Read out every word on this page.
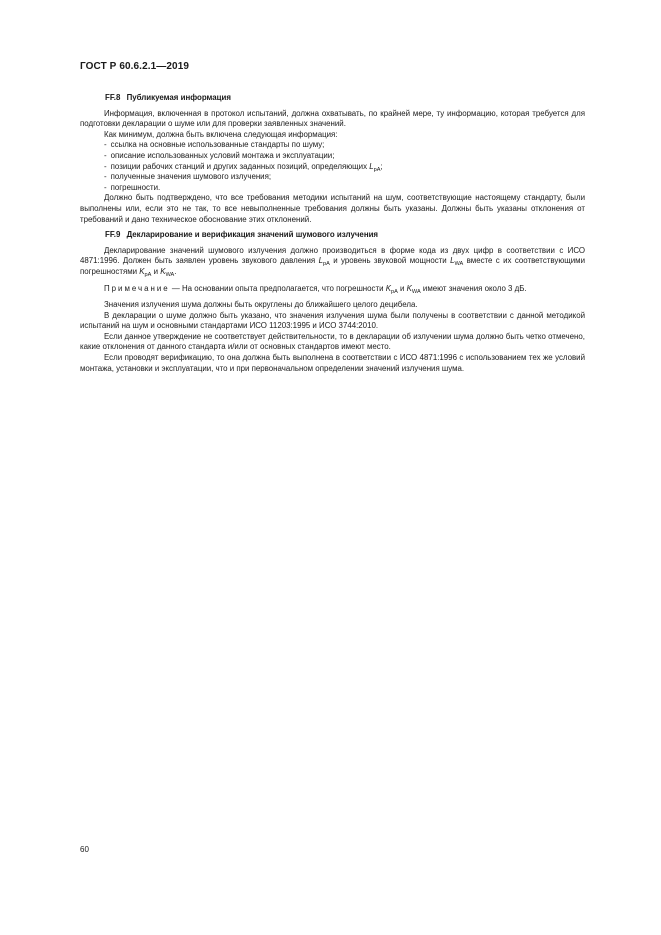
ГОСТ Р 60.6.2.1—2019
FF.8 Публикуемая информация

Информация, включенная в протокол испытаний, должна охватывать, по крайней мере, ту информацию, которая требуется для подготовки декларации о шуме или для проверки заявленных значений.

Как минимум, должна быть включена следующая информация:

- ссылка на основные использованные стандарты по шуму;
- описание использованных условий монтажа и эксплуатации;
- позиции рабочих станций и других заданных позиций, определяющих $L_{pA}$;
- полученные значения шумового излучения;
- погрешности.

Должно быть подтверждено, что все требования методики испытаний на шум, соответствующие настоящему стандарту, были выполнены или, если это не так, то все невыполненные требования должны быть указаны. Должны быть указаны отклонения от требований и дано техническое обоснование этих отклонений.

FF.9 Декларирование и верификация значений шумового излучения

Декларирование значений шумового излучения должно производиться в форме кода из двух цифр в соответствии с ИСО 4871:1996. Должен быть заявлен уровень звукового давления $L_{pA}$ и уровень звуковой мощности $L_{WA}$ вместе с их соответствующими погрешностями $K_{pA}$ и $K_{WA}$.

Примечание — На основании опыта предполагается, что погрешности $K_{pA}$ и $K_{WA}$ имеют значения около 3 дБ.

Значения излучения шума должны быть округлены до ближайшего целого децибела.

В декларации о шуме должно быть указано, что значения излучения шума были получены в соответствии с данной методикой испытаний на шум и основными стандартами ИСО 11203:1995 и ИСО 3744:2010.

Если данное утверждение не соответствует действительности, то в декларации об излучении шума должно быть четко отмечено, какие отклонения от данного стандарта и/или от основных стандартов имеют место.

Если проводят верификацию, то она должна быть выполнена в соответствии с ИСО 4871:1996 с использованием тех же условий монтажа, установки и эксплуатации, что и при первоначальном определении значений излучения шума.

60
